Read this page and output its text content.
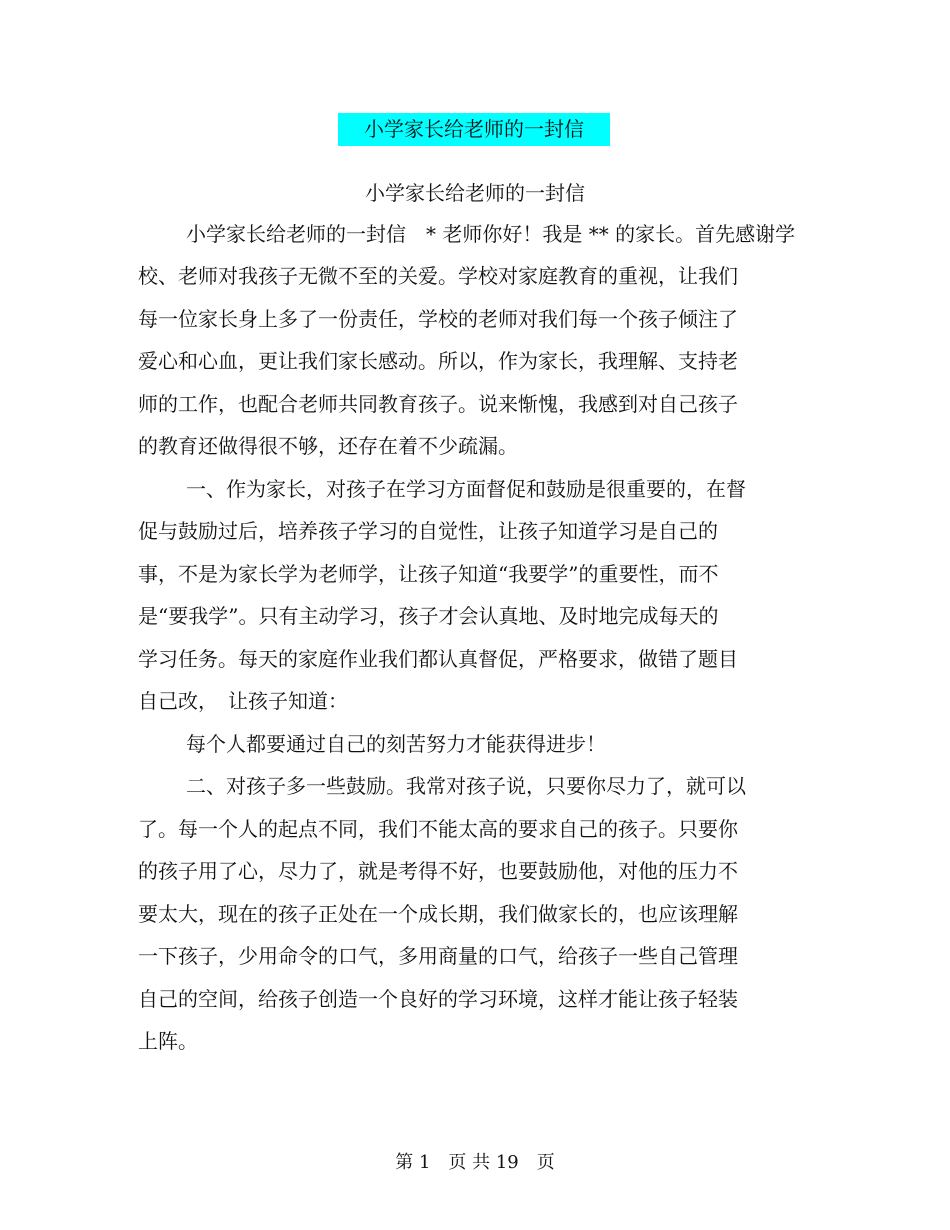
小学家长给老师的一封信
小学家长给老师的一封信
小学家长给老师的一封信　* 老师你好！我是 ** 的家长。首先感谢学
校、老师对我孩子无微不至的关爱。学校对家庭教育的重视，让我们
每一位家长身上多了一份责任，学校的老师对我们每一个孩子倾注了
爱心和心血，更让我们家长感动。所以，作为家长，我理解、支持老
师的工作，也配合老师共同教育孩子。说来惭愧，我感到对自己孩子
的教育还做得很不够，还存在着不少疏漏。
一、作为家长，对孩子在学习方面督促和鼓励是很重要的，在督
促与鼓励过后，培养孩子学习的自觉性，让孩子知道学习是自己的
事，不是为家长学为老师学，让孩子知道“我要学”的重要性，而不
是“要我学”。只有主动学习，孩子才会认真地、及时地完成每天的
学习任务。每天的家庭作业我们都认真督促，严格要求，做错了题目
自己改，　让孩子知道：
每个人都要通过自己的刻苦努力才能获得进步！
二、对孩子多一些鼓励。我常对孩子说，只要你尽力了，就可以
了。每一个人的起点不同，我们不能太高的要求自己的孩子。只要你
的孩子用了心，尽力了，就是考得不好，也要鼓励他，对他的压力不
要太大，现在的孩子正处在一个成长期，我们做家长的，也应该理解
一下孩子，少用命令的口气，多用商量的口气，给孩子一些自己管理
自己的空间，给孩子创造一个良好的学习环境，这样才能让孩子轻装
上阵。
第 1　页 共 19　页
